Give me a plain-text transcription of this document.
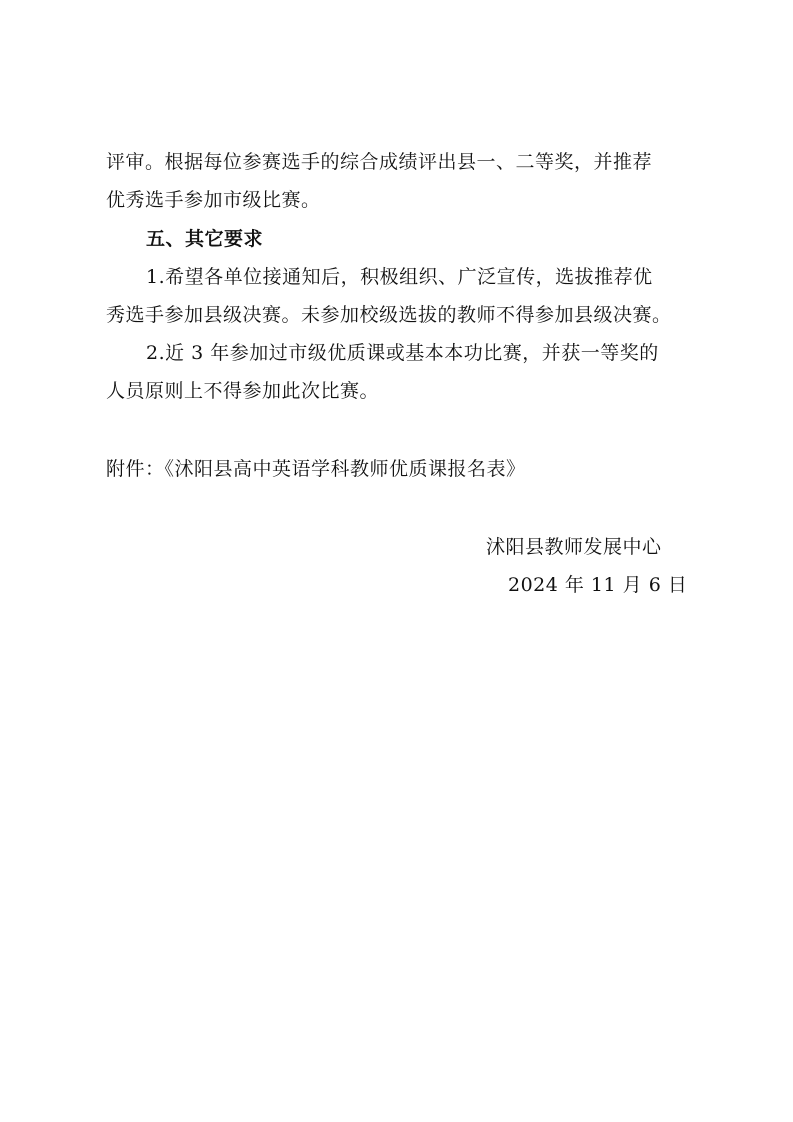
评审。根据每位参赛选手的综合成绩评出县一、二等奖，并推荐
优秀选手参加市级比赛。
五、其它要求
1.希望各单位接通知后，积极组织、广泛宣传，选拔推荐优
秀选手参加县级决赛。未参加校级选拔的教师不得参加县级决赛。
2.近 3 年参加过市级优质课或基本本功比赛，并获一等奖的
人员原则上不得参加此次比赛。
附件：《沭阳县高中英语学科教师优质课报名表》
沭阳县教师发展中心
2024 年 11 月 6 日
